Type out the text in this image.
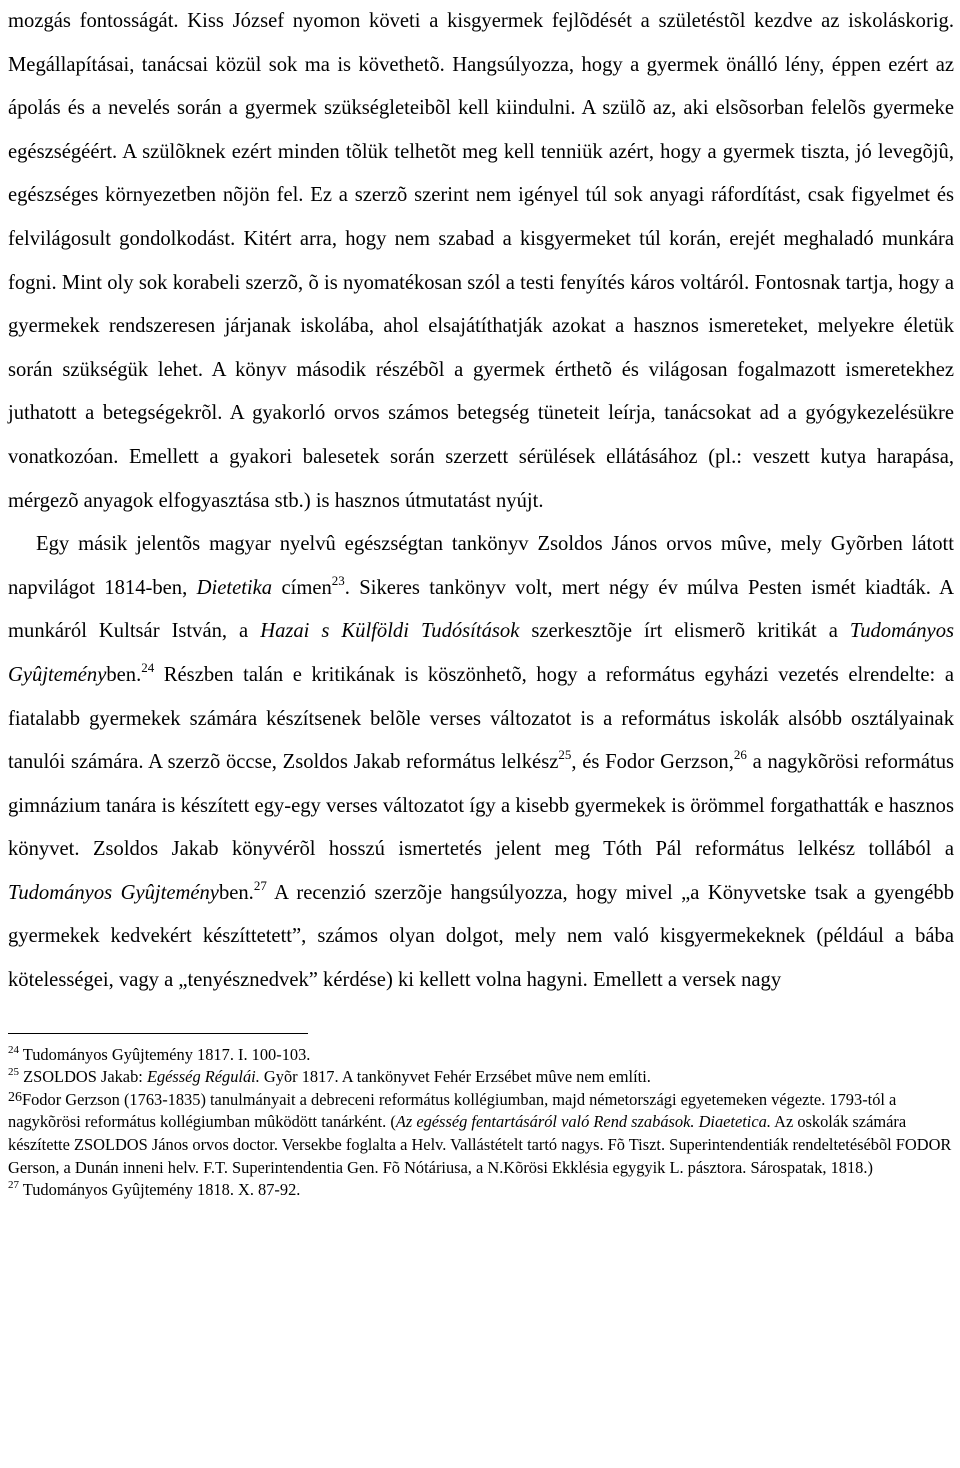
mozgás fontosságát. Kiss József nyomon követi a kisgyermek fejlõdését a születéstõl kezdve az iskoláskorig. Megállapításai, tanácsai közül sok ma is követhetõ. Hangsúlyozza, hogy a gyermek önálló lény, éppen ezért az ápolás és a nevelés során a gyermek szükségleteibõl kell kiindulni. A szülõ az, aki elsõsorban felelõs gyermeke egészségéért. A szülõknek ezért minden tõlük telhetõt meg kell tenniük azért, hogy a gyermek tiszta, jó levegõjû, egészséges környezetben nõjön fel. Ez a szerzõ szerint nem igényel túl sok anyagi ráfordítást, csak figyelmet és felvilágosult gondolkodást. Kitért arra, hogy nem szabad a kisgyermeket túl korán, erejét meghaladó munkára fogni. Mint oly sok korabeli szerzõ, õ is nyomatékosan szól a testi fenyítés káros voltáról. Fontosnak tartja, hogy a gyermekek rendszeresen járjanak iskolába, ahol elsajátíthatják azokat a hasznos ismereteket, melyekre életük során szükségük lehet. A könyv második részébõl a gyermek érthetõ és világosan fogalmazott ismeretekhez juthatott a betegségekrõl. A gyakorló orvos számos betegség tüneteit leírja, tanácsokat ad a gyógykezelésükre vonatkozóan. Emellett a gyakori balesetek során szerzett sérülések ellátásához (pl.: veszett kutya harapása, mérgezõ anyagok elfogyasztása stb.) is hasznos útmutatást nyújt.

Egy másik jelentõs magyar nyelvû egészségtan tankönyv Zsoldos János orvos mûve, mely Gyõrben látott napvilágot 1814-ben, Dietetika címen$^{23}$. Sikeres tankönyv volt, mert négy év múlva Pesten ismét kiadták. A munkáról Kultsár István, a Hazai s Külföldi Tudósítások szerkesztõje írt elismerõ kritikát a Tudományos Gyûjteményben.$^{24}$ Részben talán e kritikának is köszönhetõ, hogy a református egyházi vezetés elrendelte: a fiatalabb gyermekek számára készítsenek belõle verses változatot is a református iskolák alsóbb osztályainak tanulói számára. A szerzõ öccse, Zsoldos Jakab református lelkész$^{25}$, és Fodor Gerzson,$^{26}$ a nagykõrösi református gimnázium tanára is készített egy-egy verses változatot így a kisebb gyermekek is örömmel forgathatták e hasznos könyvet. Zsoldos Jakab könyvérõl hosszú ismertetés jelent meg Tóth Pál református lelkész tollából a Tudományos Gyûjteményben.$^{27}$ A recenzió szerzõje hangsúlyozza, hogy mivel „a Könyvetske tsak a gyengébb gyermekek kedvekért készíttetett”, számos olyan dolgot, mely nem való kisgyermekeknek (például a bába kötelességei, vagy a „tenyésznedvek” kérdése) ki kellett volna hagyni. Emellett a versek nagy

$^{24}$ Tudományos Gyûjtemény 1817. I. 100-103.

$^{25}$ ZSOLDOS Jakab: Egésség Régulái. Gyõr 1817. A tankönyvet Fehér Erzsébet mûve nem említi.

$^{26}$Fodor Gerzson (1763-1835) tanulmányait a debreceni református kollégiumban, majd németországi egyetemeken végezte. 1793-tól a nagykõrösi református kollégiumban mûködött tanárként. (Az egésség fentartásáról való Rend szabások. Diaetetica. Az oskolák számára készítette ZSOLDOS János orvos doctor. Versekbe foglalta a Helv. Vallástételt tartó nagys. Fõ Tiszt. Superintendentiák rendeltetésébõl FODOR Gerson, a Dunán inneni helv. F.T. Superintendentia Gen. Fõ Nótáriusa, a N.Kõrösi Ekklésia egygyik L. pásztora. Sárospatak, 1818.)

$^{27}$ Tudományos Gyûjtemény 1818. X. 87-92.
